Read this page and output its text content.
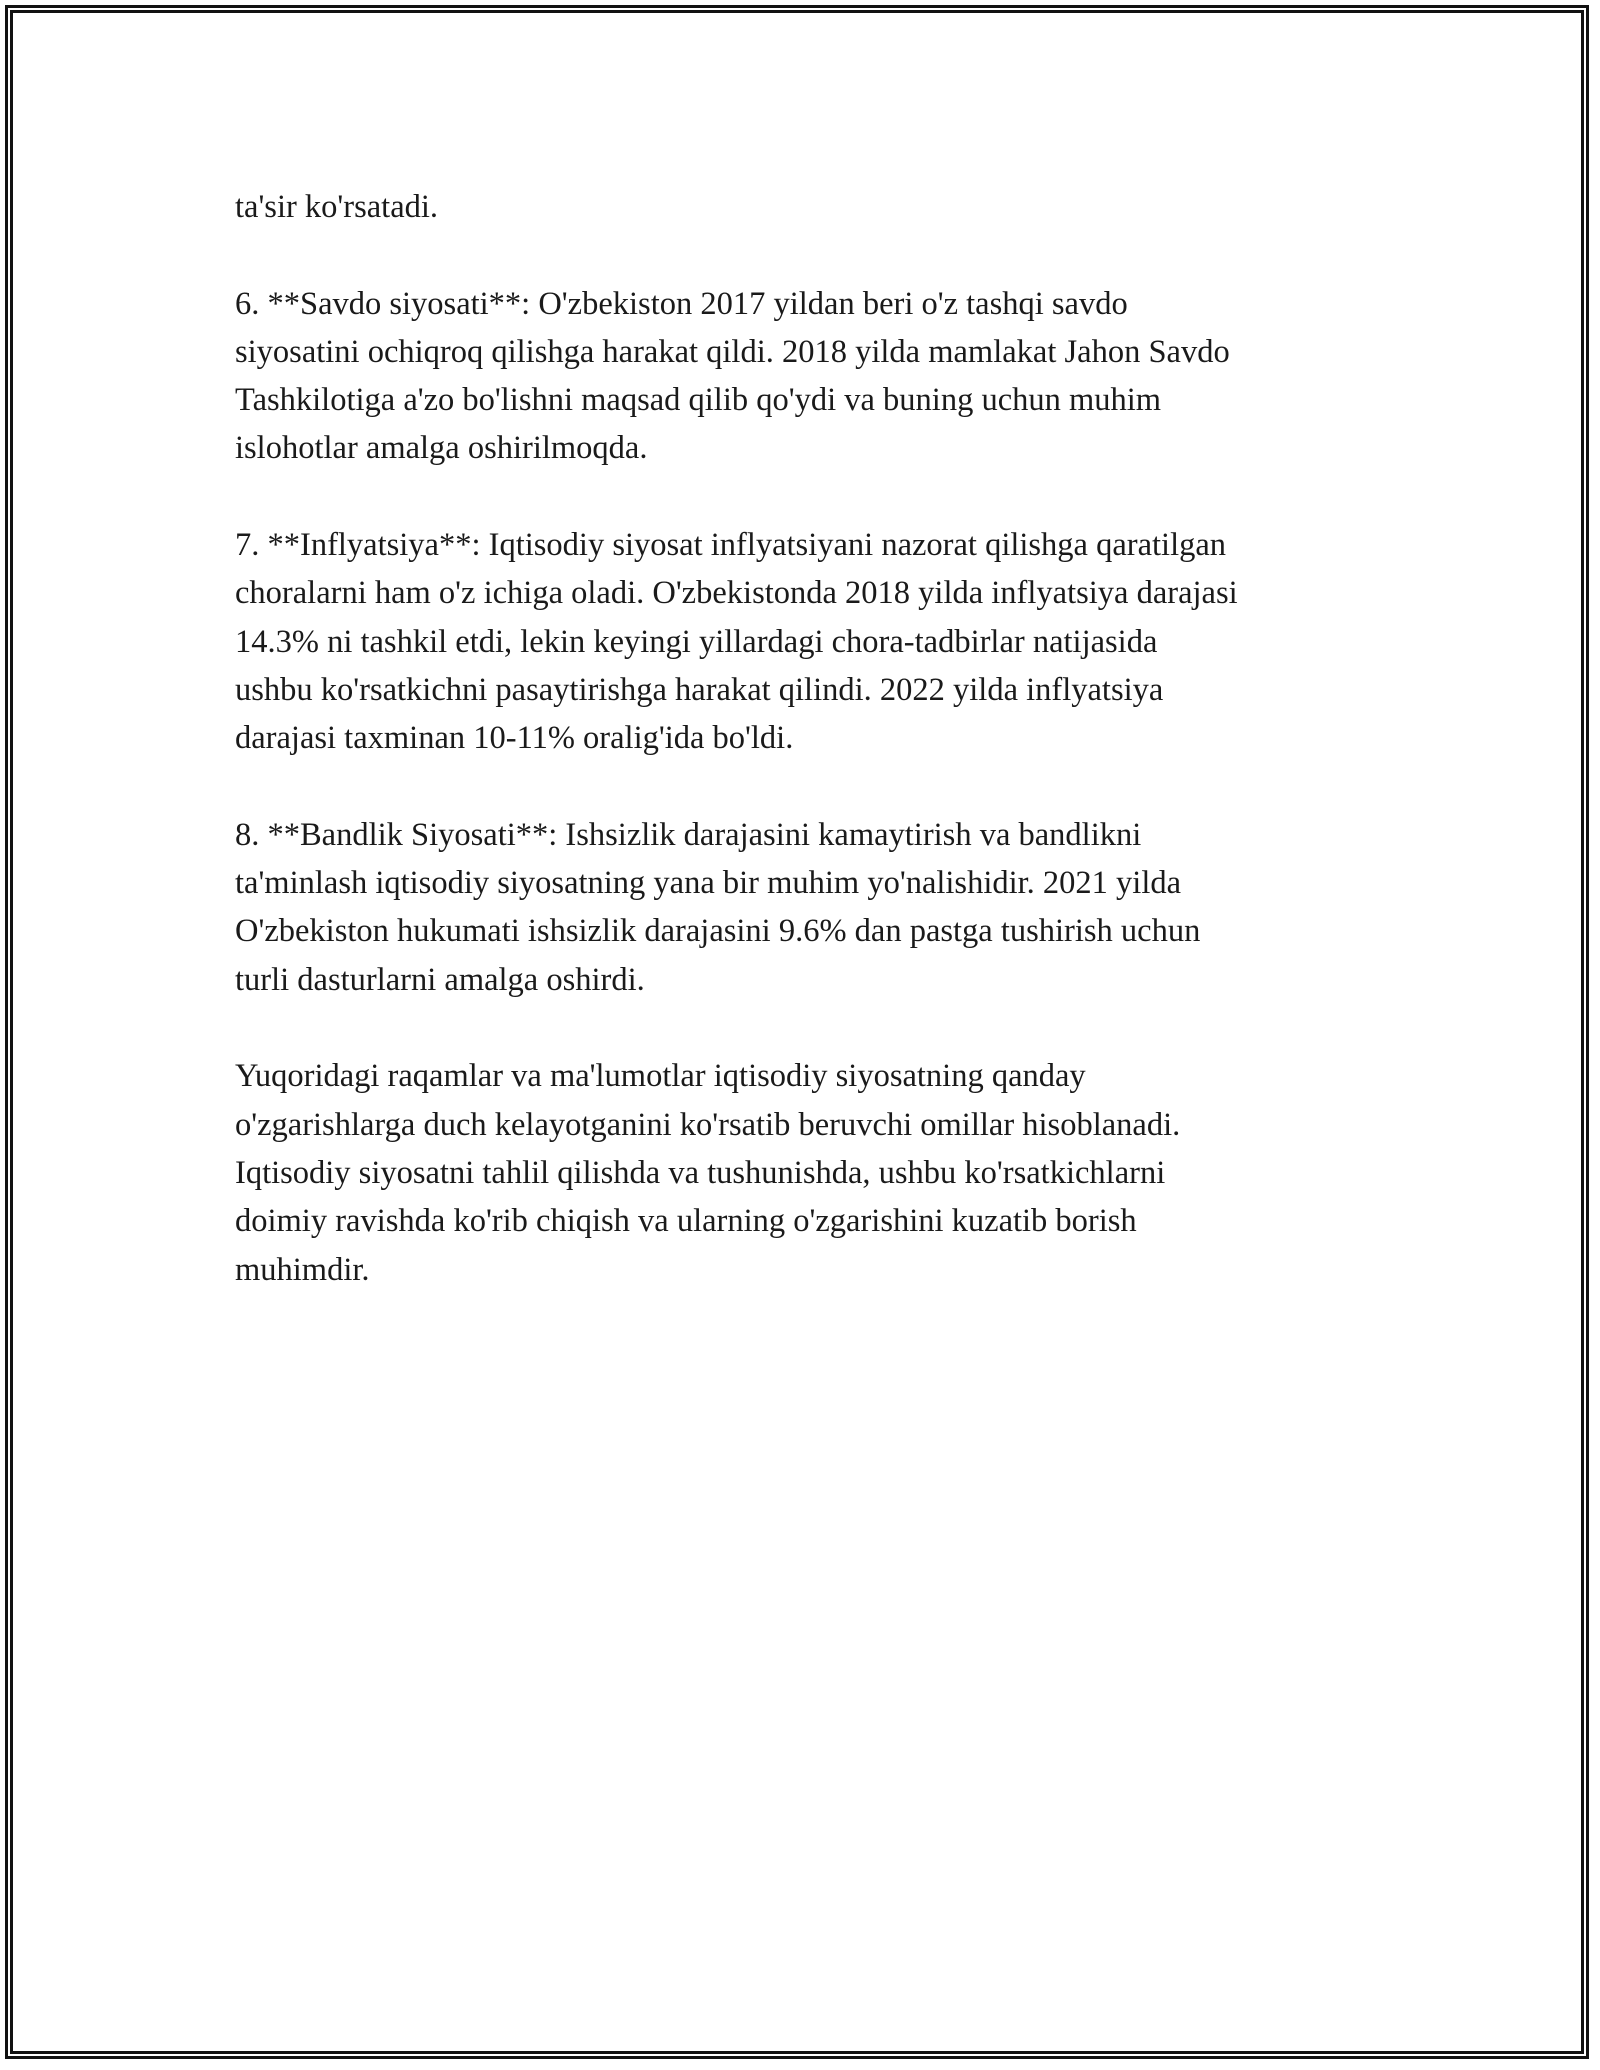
ta'sir ko'rsatadi.

6. **Savdo siyosati**: O'zbekiston 2017 yildan beri o'z tashqi savdo
siyosatini ochiqroq qilishga harakat qildi. 2018 yilda mamlakat Jahon Savdo
Tashkilotiga a'zo bo'lishni maqsad qilib qo'ydi va buning uchun muhim
islohotlar amalga oshirilmoqda.

7. **Inflyatsiya**: Iqtisodiy siyosat inflyatsiyani nazorat qilishga qaratilgan
choralarni ham o'z ichiga oladi. O'zbekistonda 2018 yilda inflyatsiya darajasi
14.3% ni tashkil etdi, lekin keyingi yillardagi chora-tadbirlar natijasida
ushbu ko'rsatkichni pasaytirishga harakat qilindi. 2022 yilda inflyatsiya
darajasi taxminan 10-11% oralig'ida bo'ldi.

8. **Bandlik Siyosati**: Ishsizlik darajasini kamaytirish va bandlikni
ta'minlash iqtisodiy siyosatning yana bir muhim yo'nalishidir. 2021 yilda
O'zbekiston hukumati ishsizlik darajasini 9.6% dan pastga tushirish uchun
turli dasturlarni amalga oshirdi.

Yuqoridagi raqamlar va ma'lumotlar iqtisodiy siyosatning qanday
o'zgarishlarga duch kelayotganini ko'rsatib beruvchi omillar hisoblanadi.
Iqtisodiy siyosatni tahlil qilishda va tushunishda, ushbu ko'rsatkichlarni
doimiy ravishda ko'rib chiqish va ularning o'zgarishini kuzatib borish
muhimdir.
